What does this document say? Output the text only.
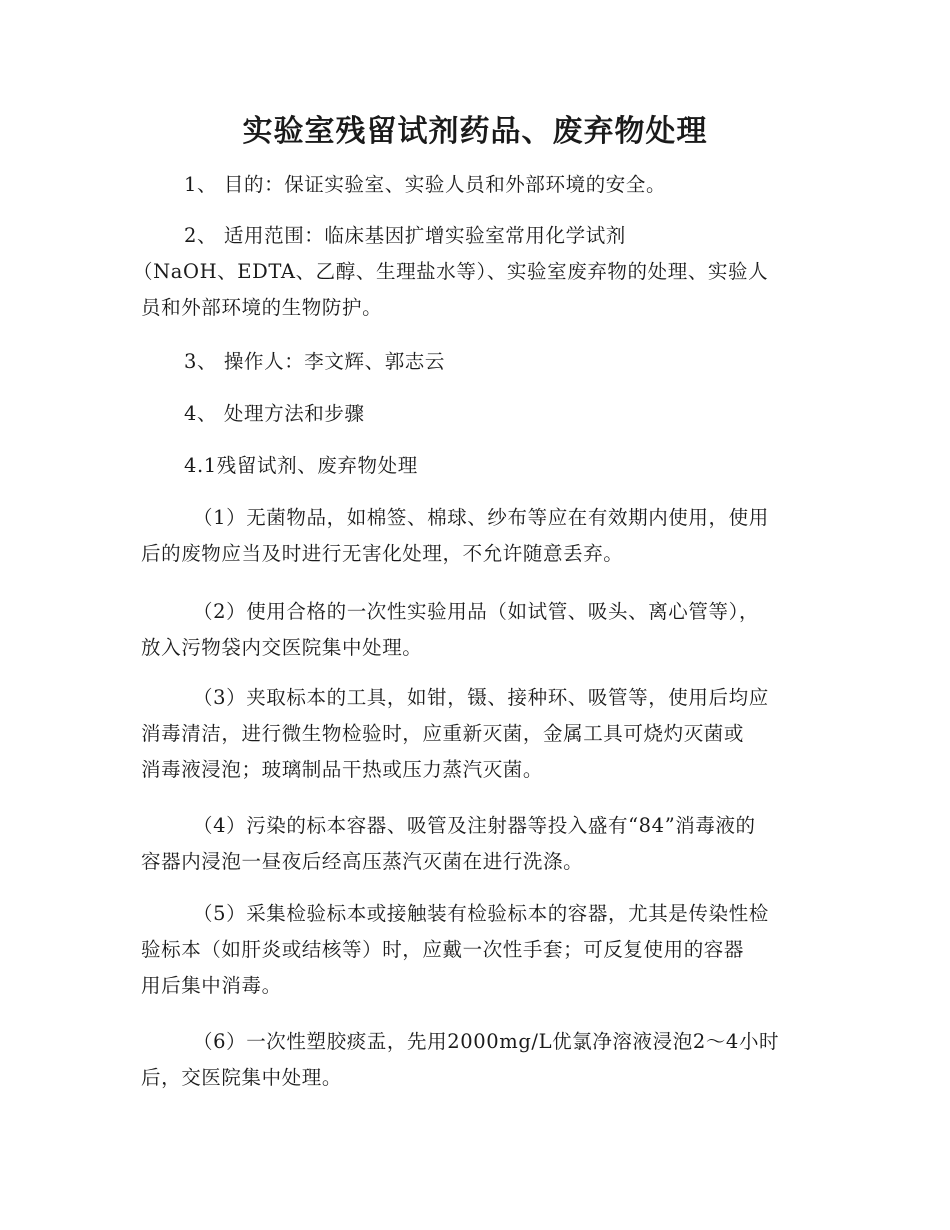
实验室残留试剂药品、废弃物处理
1、 目的：保证实验室、实验人员和外部环境的安全。
2、 适用范围：临床基因扩增实验室常用化学试剂
（NaOH、EDTA、乙醇、生理盐水等）、实验室废弃物的处理、实验人
员和外部环境的生物防护。
3、 操作人：李文辉、郭志云
4、 处理方法和步骤
4.1残留试剂、废弃物处理
（1）无菌物品，如棉签、棉球、纱布等应在有效期内使用，使用
后的废物应当及时进行无害化处理，不允许随意丢弃。
（2）使用合格的一次性实验用品（如试管、吸头、离心管等），
放入污物袋内交医院集中处理。
（3）夹取标本的工具，如钳，镊、接种环、吸管等，使用后均应
消毒清洁，进行微生物检验时，应重新灭菌，金属工具可烧灼灭菌或
消毒液浸泡；玻璃制品干热或压力蒸汽灭菌。
（4）污染的标本容器、吸管及注射器等投入盛有“84”消毒液的
容器内浸泡一昼夜后经高压蒸汽灭菌在进行洗涤。
（5）采集检验标本或接触装有检验标本的容器，尤其是传染性检
验标本（如肝炎或结核等）时，应戴一次性手套；可反复使用的容器
用后集中消毒。
（6）一次性塑胶痰盂，先用2000mg/L优氯净溶液浸泡2～4小时
后，交医院集中处理。
